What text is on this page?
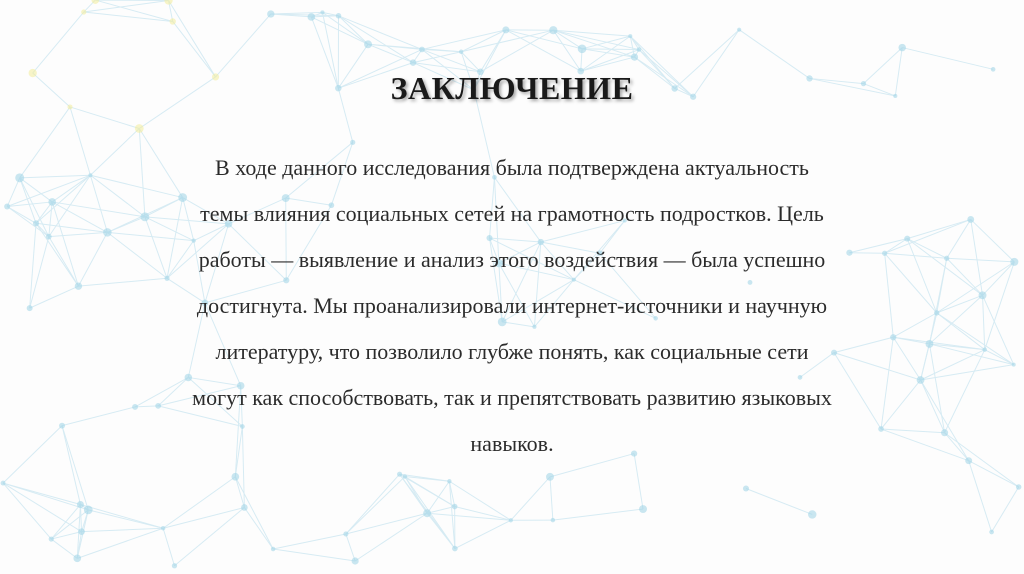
ЗАКЛЮЧЕНИЕ
В ходе данного исследования была подтверждена актуальность
темы влияния социальных сетей на грамотность подростков. Цель
работы — выявление и анализ этого воздействия — была успешно
достигнута. Мы проанализировали интернет-источники и научную
литературу, что позволило глубже понять, как социальные сети
могут как способствовать, так и препятствовать развитию языковых
навыков.
